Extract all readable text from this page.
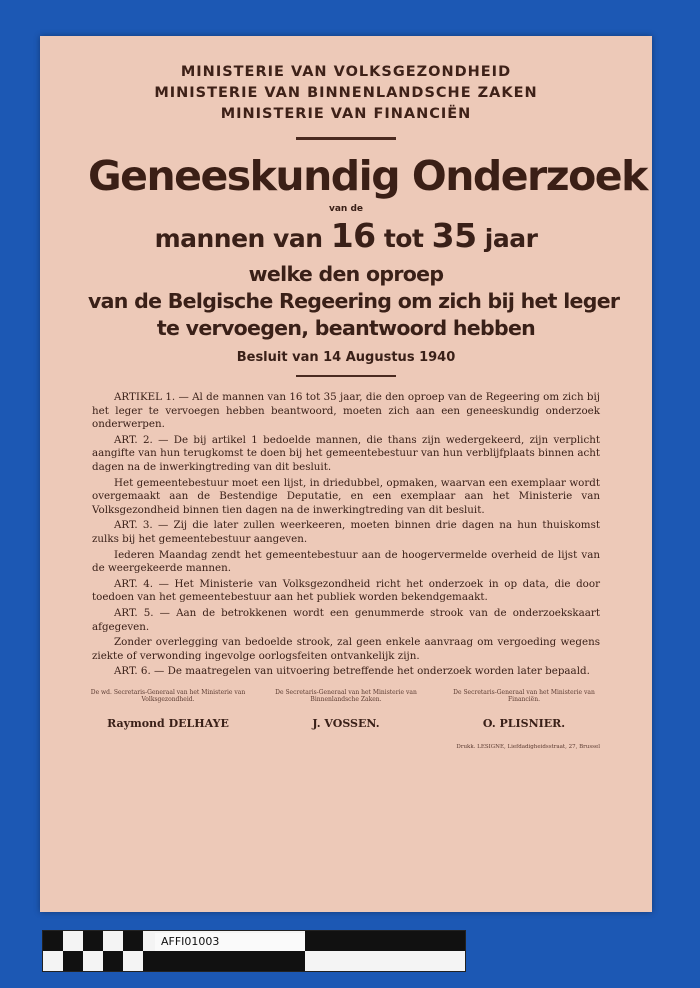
MINISTERIE VAN VOLKSGEZONDHEID
MINISTERIE VAN BINNENLANDSCHE ZAKEN
MINISTERIE VAN FINANCIËN
Geneeskundig Onderzoek
van de
mannen van 16 tot 35 jaar
welke den oproep
van de Belgische Regeering om zich bij het leger
te vervoegen, beantwoord hebben
Besluit van 14 Augustus 1940

ARTIKEL 1. — Al de mannen van 16 tot 35 jaar, die den oproep van de Regeering om zich bij het leger te vervoegen hebben beantwoord, moeten zich aan een geneeskundig onderzoek onderwerpen.

ART. 2. — De bij artikel 1 bedoelde mannen, die thans zijn wedergekeerd, zijn verplicht aangifte van hun terugkomst te doen bij het gemeentebestuur van hun verblijfplaats binnen acht dagen na de inwerkingtreding van dit besluit.

Het gemeentebestuur moet een lijst, in driedubbel, opmaken, waarvan een exemplaar wordt overgemaakt aan de Bestendige Deputatie, en een exemplaar aan het Ministerie van Volksgezondheid binnen tien dagen na de inwerkingtreding van dit besluit.

ART. 3. — Zij die later zullen weerkeeren, moeten binnen drie dagen na hun thuiskomst zulks bij het gemeentebestuur aangeven.

Iederen Maandag zendt het gemeentebestuur aan de hoogervermelde overheid de lijst van de weergekeerde mannen.

ART. 4. — Het Ministerie van Volksgezondheid richt het onderzoek in op data, die door toedoen van het gemeentebestuur aan het publiek worden bekendgemaakt.

ART. 5. — Aan de betrokkenen wordt een genummerde strook van de onderzoekskaart afgegeven.

Zonder overlegging van bedoelde strook, zal geen enkele aanvraag om vergoeding wegens ziekte of verwonding ingevolge oorlogsfeiten ontvankelijk zijn.

ART. 6. — De maatregelen van uitvoering betreffende het onderzoek worden later bepaald.

De wd. Secretaris-Generaal van het Ministerie van Volksgezondheid.
De Secretaris-Generaal van het Ministerie van Binnenlandsche Zaken.
De Secretaris-Generaal van het Ministerie van Financiën.
Raymond DELHAYE	J. VOSSEN.	O. PLISNIER.
Drukk. LESIGNE, Liefdadigheidsstraat, 27, Brussel
AFFI01003
